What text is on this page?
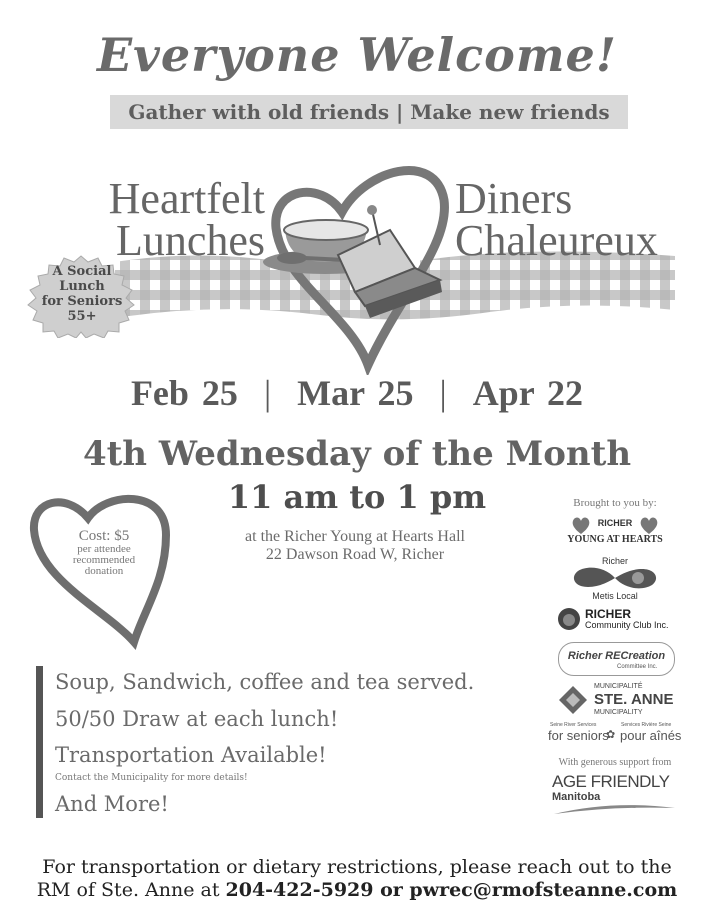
Everyone Welcome!
Gather with old friends | Make new friends
Heartfelt
Lunches
Diners
Chaleureux
A Social
Lunch
for Seniors
55+
Feb 25 | Mar 25 | Apr 22
4th Wednesday of the Month
11 am to 1 pm
at the Richer Young at Hearts Hall
22 Dawson Road W, Richer
Cost: $5
per attendee
recommended
donation
Soup, Sandwich, coffee and tea served.
50/50 Draw at each lunch!
Transportation Available!
Contact the Municipality for more details!
And More!
Brought to you by:
RICHER
YOUNG AT HEARTS
Richer
Metis Local
RICHER
Community Club Inc.
Richer RECreation
Committee Inc.
MUNICIPALITÉ
STE. ANNE
MUNICIPALITY
Seine River Services
for seniors
✿
Services Rivière Seine
pour aînés
With generous support from
AGE FRIENDLY
Manitoba
For transportation or dietary restrictions, please reach out to the
RM of Ste. Anne at 204-422-5929 or pwrec@rmofsteanne.com
